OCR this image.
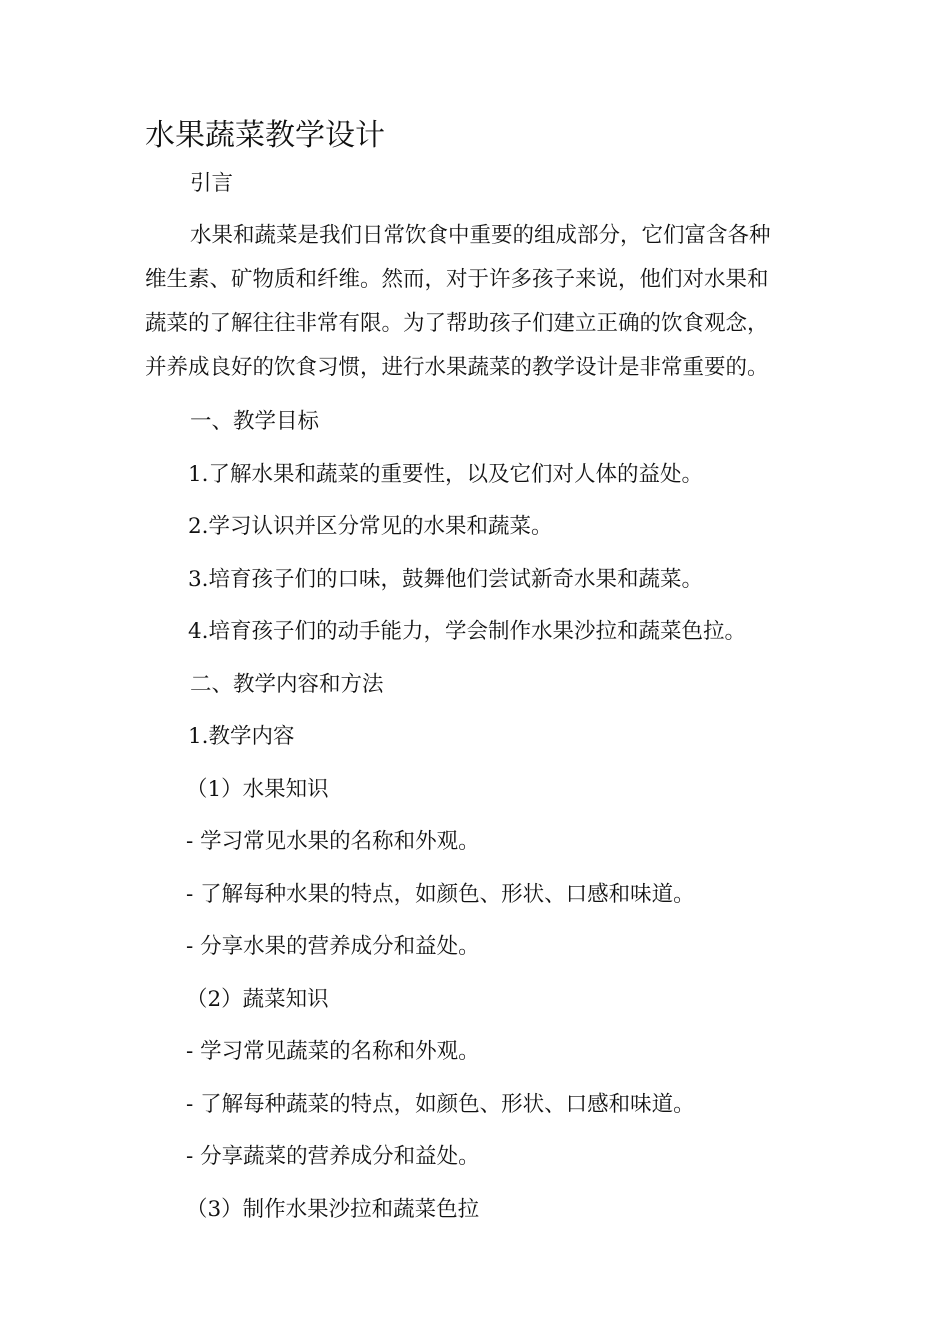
水果蔬菜教学设计

引言

水果和蔬菜是我们日常饮食中重要的组成部分，它们富含各种
维生素、矿物质和纤维。然而，对于许多孩子来说，他们对水果和
蔬菜的了解往往非常有限。为了帮助孩子们建立正确的饮食观念，
并养成良好的饮食习惯，进行水果蔬菜的教学设计是非常重要的。

一、教学目标

1.了解水果和蔬菜的重要性，以及它们对人体的益处。

2.学习认识并区分常见的水果和蔬菜。

3.培育孩子们的口味，鼓舞他们尝试新奇水果和蔬菜。

4.培育孩子们的动手能力，学会制作水果沙拉和蔬菜色拉。

二、教学内容和方法

1.教学内容

（1）水果知识

- 学习常见水果的名称和外观。

- 了解每种水果的特点，如颜色、形状、口感和味道。

- 分享水果的营养成分和益处。

（2）蔬菜知识

- 学习常见蔬菜的名称和外观。

- 了解每种蔬菜的特点，如颜色、形状、口感和味道。

- 分享蔬菜的营养成分和益处。

（3）制作水果沙拉和蔬菜色拉
